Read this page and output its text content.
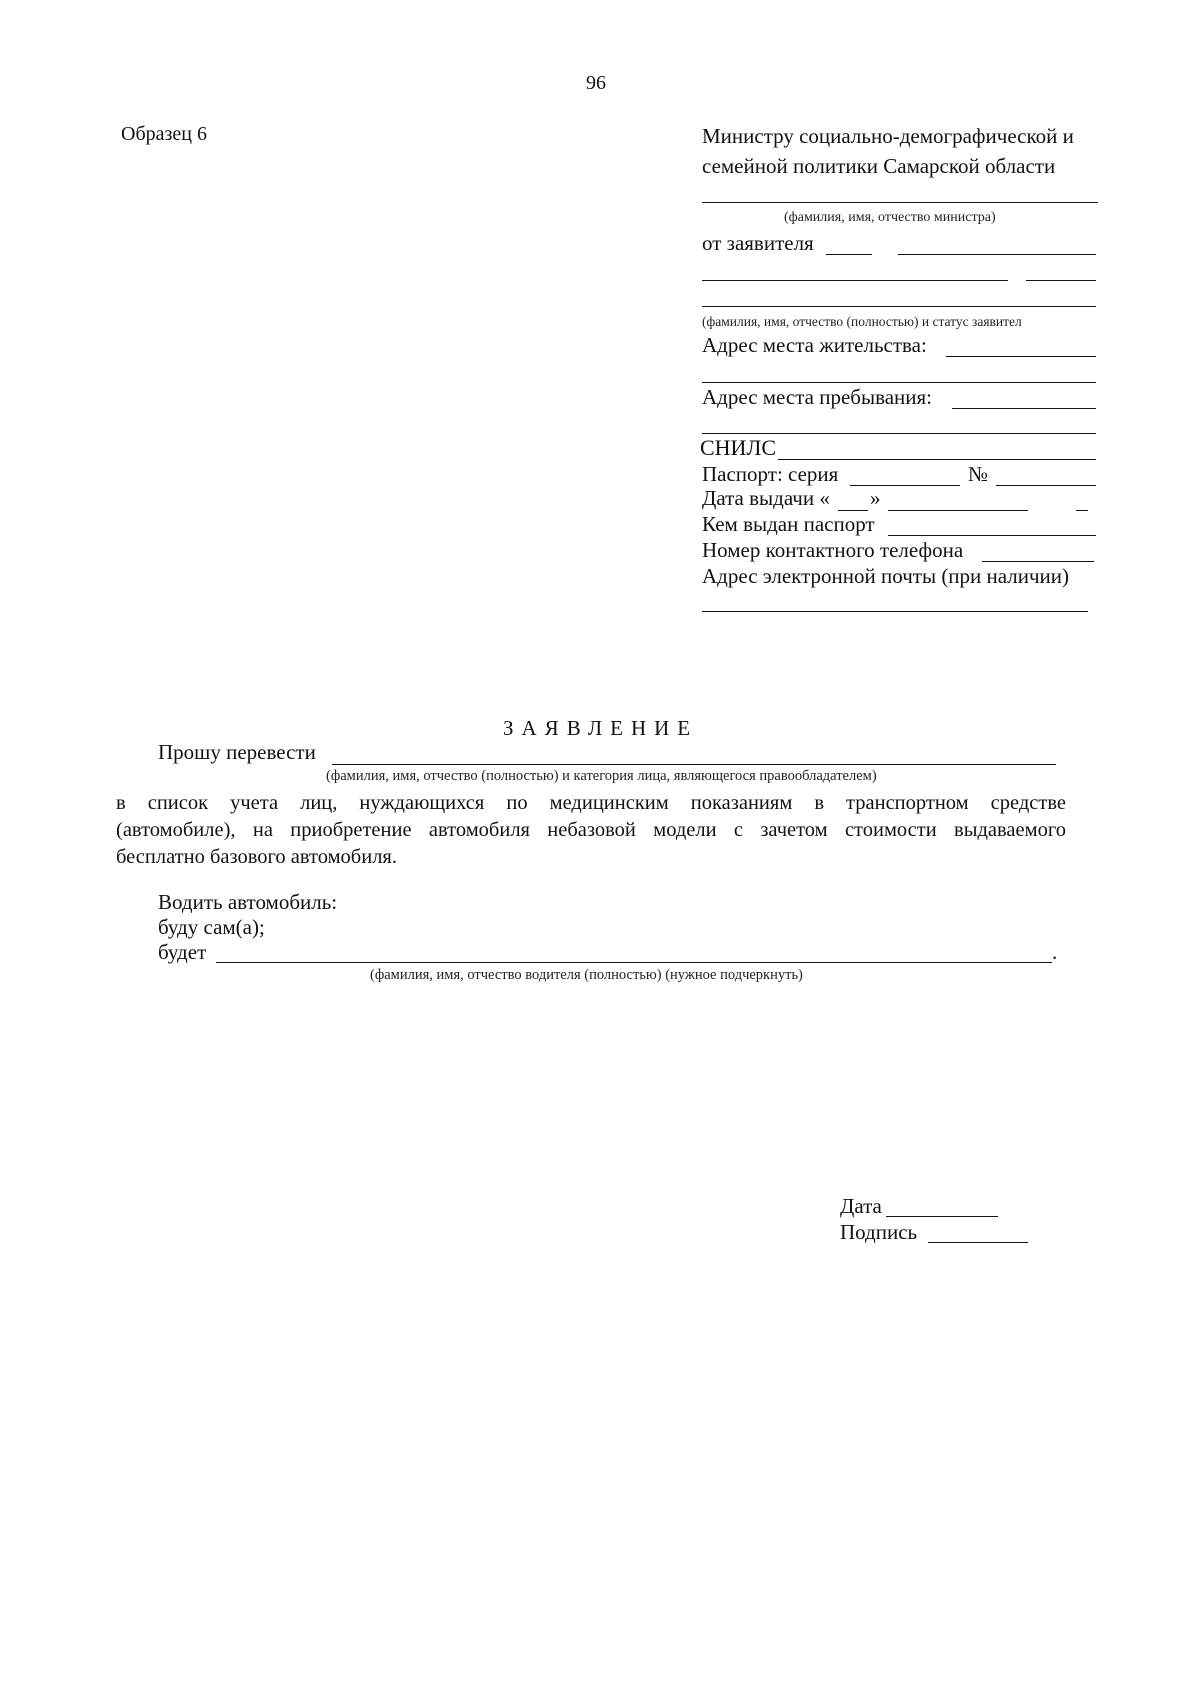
96
Образец 6	Министру социально-демографической и
семейной политики Самарской области
(фамилия, имя, отчество министра)
от заявителя
(фамилия, имя, отчество (полностью) и статус заявител
Адрес места жительства:
Адрес места пребывания:
СНИЛС
Паспорт: серия	№
Дата выдачи « »
Кем выдан паспорт
Номер контактного телефона
Адрес электронной почты (при наличии)
ЗАЯВЛЕНИЕ
Прошу перевести
(фамилия, имя, отчество (полностью) и категория лица, являющегося правообладателем)
в список учета лиц, нуждающихся по медицинским показаниям в транспортном средстве
(автомобиле), на приобретение автомобиля небазовой модели с зачетом стоимости выдаваемого
бесплатно базового автомобиля.
Водить автомобиль:
буду сам(а);
будет	.
(фамилия, имя, отчество водителя (полностью) (нужное подчеркнуть)
Дата
Подпись
